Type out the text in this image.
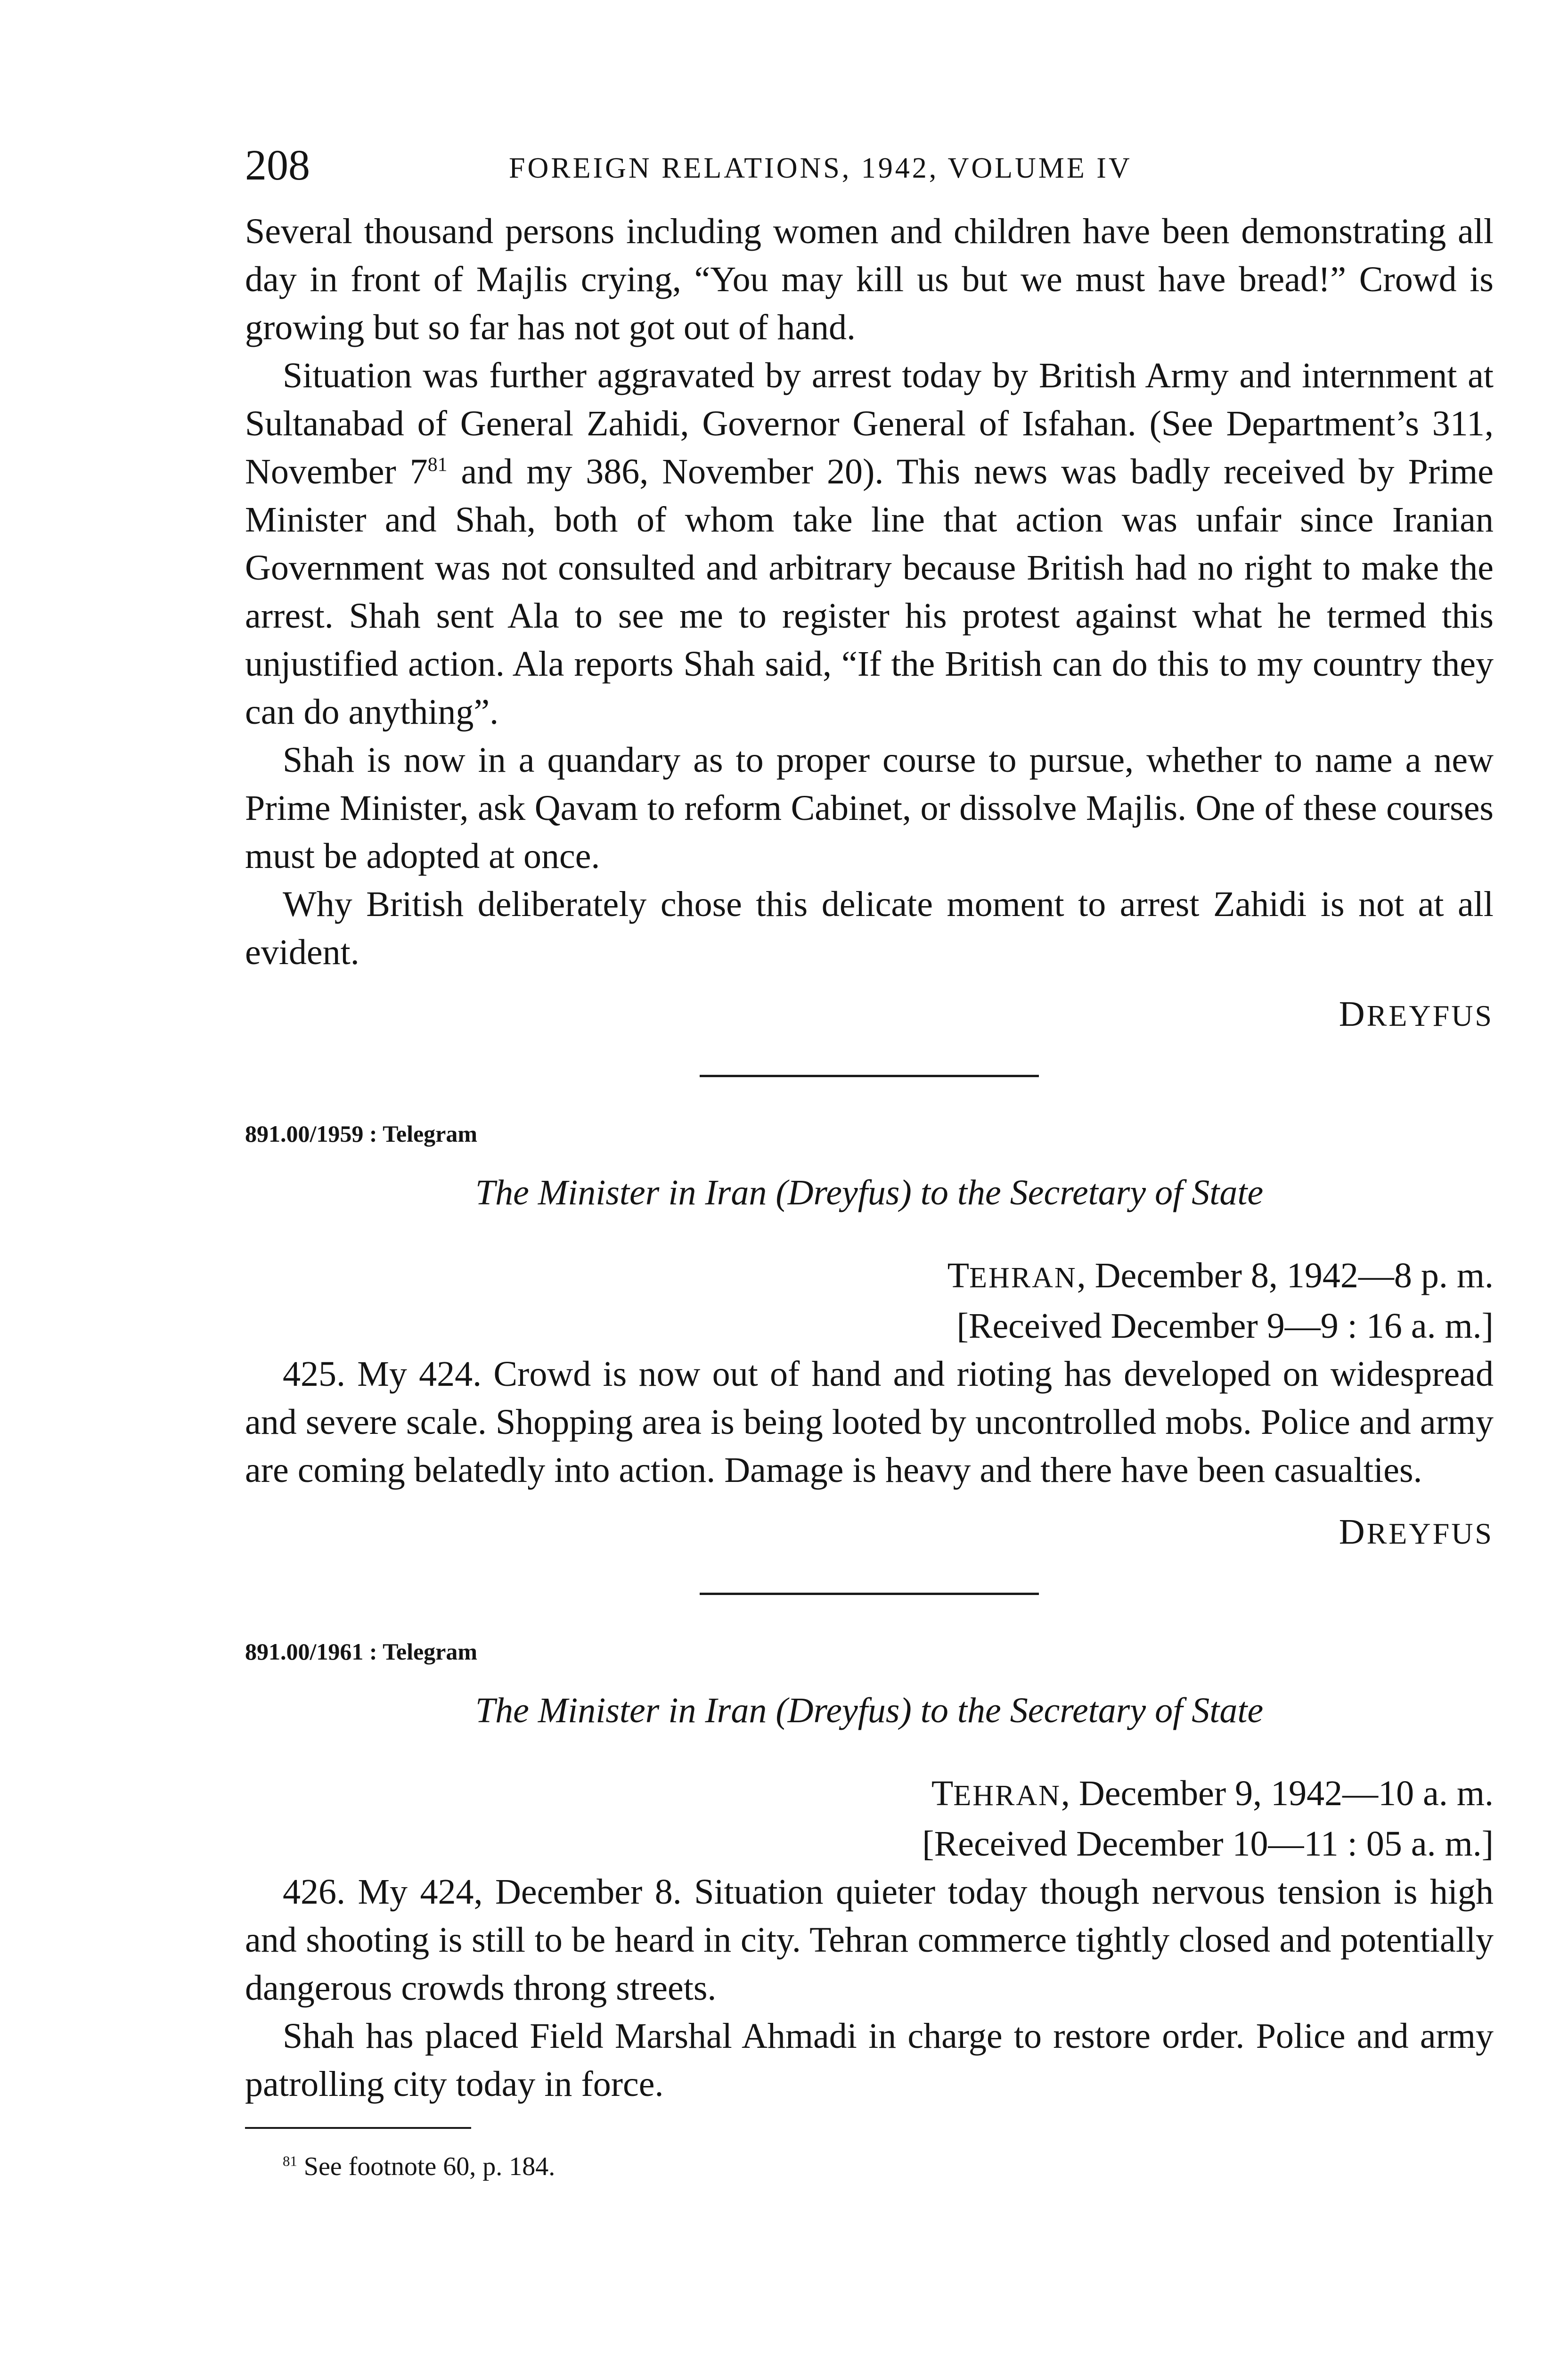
208	FOREIGN RELATIONS, 1942, VOLUME IV

Several thousand persons including women and children have been demonstrating all day in front of Majlis crying, “You may kill us but we must have bread!” Crowd is growing but so far has not got out of hand.

Situation was further aggravated by arrest today by British Army and internment at Sultanabad of General Zahidi, Governor General of Isfahan. (See Department’s 311, November $7^{81}$ and my 386, November 20). This news was badly received by Prime Minister and Shah, both of whom take line that action was unfair since Iranian Government was not consulted and arbitrary because British had no right to make the arrest. Shah sent Ala to see me to register his protest against what he termed this unjustified action. Ala reports Shah said, “If the British can do this to my country they can do anything”.

Shah is now in a quandary as to proper course to pursue, whether to name a new Prime Minister, ask Qavam to reform Cabinet, or dissolve Majlis. One of these courses must be adopted at once.

Why British deliberately chose this delicate moment to arrest Zahidi is not at all evident.

DREYFUS
891.00/1959 : Telegram
The Minister in Iran (Dreyfus) to the Secretary of State
TEHRAN, December 8, 1942—8 p. m.
[Received December 9—9 : 16 a. m.]

425. My 424. Crowd is now out of hand and rioting has developed on widespread and severe scale. Shopping area is being looted by uncontrolled mobs. Police and army are coming belatedly into action. Damage is heavy and there have been casualties.

DREYFUS
891.00/1961 : Telegram
The Minister in Iran (Dreyfus) to the Secretary of State
TEHRAN, December 9, 1942—10 a. m.
[Received December 10—11 : 05 a. m.]

426. My 424, December 8. Situation quieter today though nervous tension is high and shooting is still to be heard in city. Tehran commerce tightly closed and potentially dangerous crowds throng streets.

Shah has placed Field Marshal Ahmadi in charge to restore order. Police and army patrolling city today in force.

$^{81}$ See footnote 60, p. 184.
